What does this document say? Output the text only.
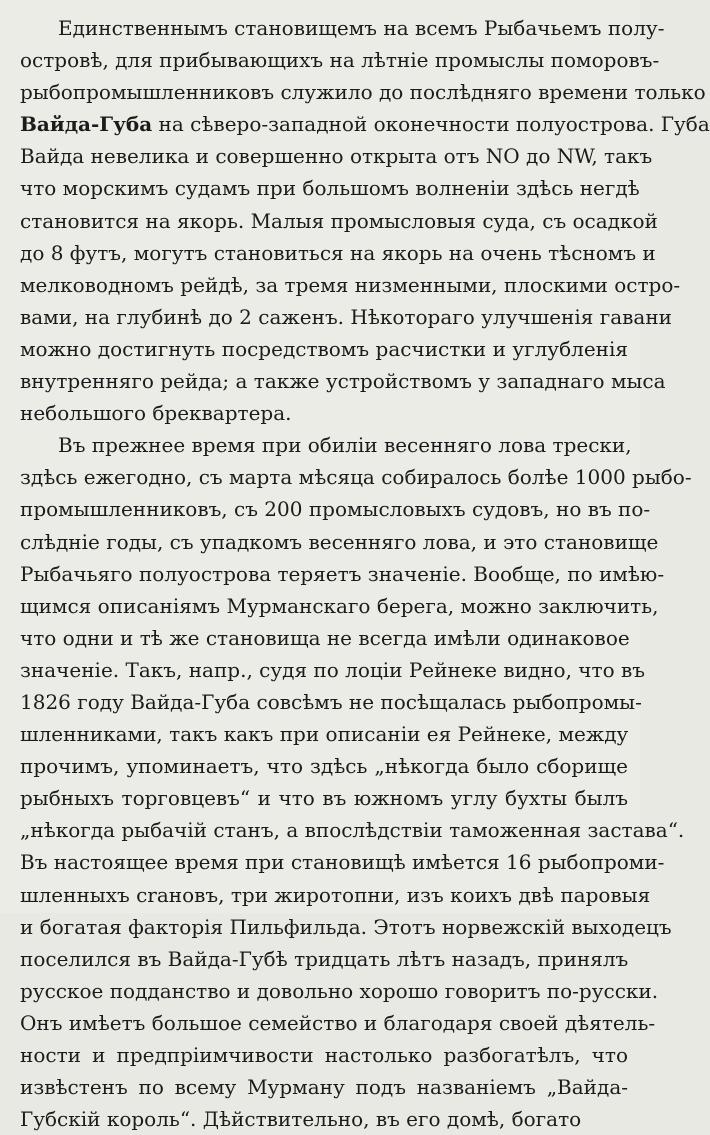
Единственнымъ становищемъ на всемъ Рыбачьемъ полу-
островѣ, для прибывающихъ на лѣтніе промыслы поморовъ-
рыбопромышленниковъ служило до послѣдняго времени только
Вайда-Губа на сѣверо-западной оконечности полуострова. Губа
Вайда невелика и совершенно открыта отъ NO до NW, такъ
что морскимъ судамъ при большомъ волненіи здѣсь негдѣ
становится на якорь. Малыя промысловыя суда, съ осадкой
до 8 футъ, могутъ становиться на якорь на очень тѣсномъ и
мелководномъ рейдѣ, за тремя низменными, плоскими остро-
вами, на глубинѣ до 2 саженъ. Нѣкотораго улучшенія гавани
можно достигнуть посредствомъ расчистки и углубленія
внутренняго рейда; а также устройствомъ у западнаго мыса
небольшого бреквартера.

Въ прежнее время при обиліи весенняго лова трески,
здѣсь ежегодно, съ марта мѣсяца собиралось болѣе 1000 рыбо-
промышленниковъ, съ 200 промысловыхъ судовъ, но въ по-
слѣдніе годы, съ упадкомъ весенняго лова, и это становище
Рыбачьяго полуострова теряетъ значеніе. Вообще, по имѣю-
щимся описаніямъ Мурманскаго берега, можно заключить,
что одни и тѣ же становища не всегда имѣли одинаковое
значеніе. Такъ, напр., судя по лоціи Рейнеке видно, что въ
1826 году Вайда-Губа совсѣмъ не посѣщалась рыбопромы-
шленниками, такъ какъ при описаніи ея Рейнеке, между
прочимъ, упоминаетъ, что здѣсь „нѣкогда было сборище
рыбныхъ торговцевъ“ и что въ южномъ углу бухты былъ
„нѣкогда рыбачій станъ, а впослѣдствіи таможенная застава“.
Въ настоящее время при становищѣ имѣется 16 рыбопроми-
шленныхъ craновъ, три жиротопни, изъ коихъ двѣ паровыя
и богатая факторія Пильфильда. Этотъ норвежскій выходецъ
поселился въ Вайда-Губѣ тридцать лѣтъ назадъ, принялъ
русское подданство и довольно хорошо говоритъ по-русски.
Онъ имѣетъ большое семейство и благодаря своей дѣятель-
ности и предпріимчивости настолько разбогатѣлъ, что
извѣстенъ по всему Мурману подъ названіемъ „Вайда-
Губскій король“. Дѣйствительно, въ его домѣ, богато
